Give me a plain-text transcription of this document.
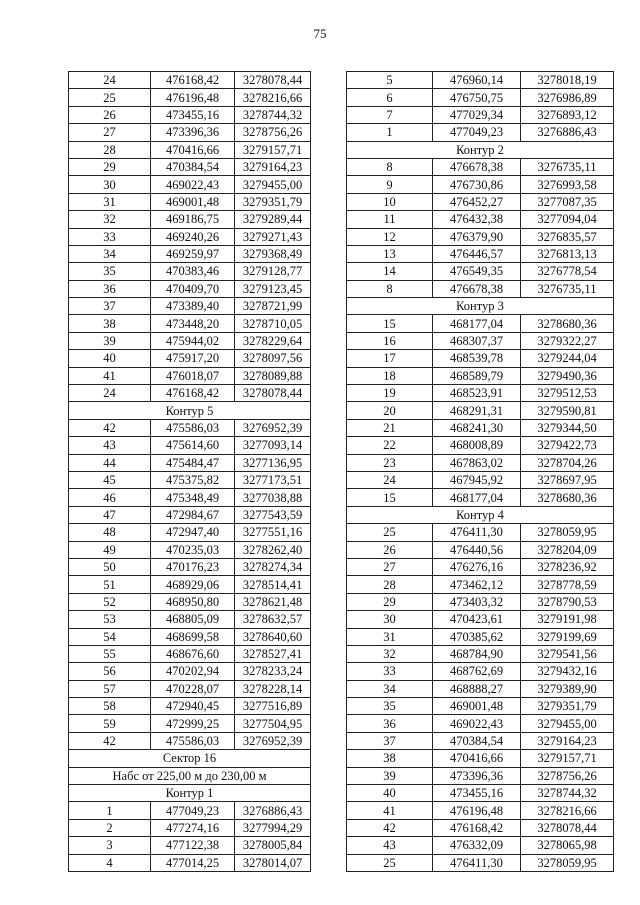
75
24	476168,42	3278078,44
25	476196,48	3278216,66
26	473455,16	3278744,32
27	473396,36	3278756,26
28	470416,66	3279157,71
29	470384,54	3279164,23
30	469022,43	3279455,00
31	469001,48	3279351,79
32	469186,75	3279289,44
33	469240,26	3279271,43
34	469259,97	3279368,49
35	470383,46	3279128,77
36	470409,70	3279123,45
37	473389,40	3278721,99
38	473448,20	3278710,05
39	475944,02	3278229,64
40	475917,20	3278097,56
41	476018,07	3278089,88
24	476168,42	3278078,44
Контур 5		
42	475586,03	3276952,39
43	475614,60	3277093,14
44	475484,47	3277136,95
45	475375,82	3277173,51
46	475348,49	3277038,88
47	472984,67	3277543,59
48	472947,40	3277551,16
49	470235,03	3278262,40
50	470176,23	3278274,34
51	468929,06	3278514,41
52	468950,80	3278621,48
53	468805,09	3278632,57
54	468699,58	3278640,60
55	468676,60	3278527,41
56	470202,94	3278233,24
57	470228,07	3278228,14
58	472940,45	3277516,89
59	472999,25	3277504,95
42	475586,03	3276952,39
Сектор 16		
Набс от 225,00 м до 230,00 м		
Контур 1		
1	477049,23	3276886,43
2	477274,16	3277994,29
3	477122,38	3278005,84
4	477014,25	3278014,07
5	476960,14	3278018,19
6	476750,75	3276986,89
7	477029,34	3276893,12
1	477049,23	3276886,43
Контур 2		
8	476678,38	3276735,11
9	476730,86	3276993,58
10	476452,27	3277087,35
11	476432,38	3277094,04
12	476379,90	3276835,57
13	476446,57	3276813,13
14	476549,35	3276778,54
8	476678,38	3276735,11
Контур 3		
15	468177,04	3278680,36
16	468307,37	3279322,27
17	468539,78	3279244,04
18	468589,79	3279490,36
19	468523,91	3279512,53
20	468291,31	3279590,81
21	468241,30	3279344,50
22	468008,89	3279422,73
23	467863,02	3278704,26
24	467945,92	3278697,95
15	468177,04	3278680,36
Контур 4		
25	476411,30	3278059,95
26	476440,56	3278204,09
27	476276,16	3278236,92
28	473462,12	3278778,59
29	473403,32	3278790,53
30	470423,61	3279191,98
31	470385,62	3279199,69
32	468784,90	3279541,56
33	468762,69	3279432,16
34	468888,27	3279389,90
35	469001,48	3279351,79
36	469022,43	3279455,00
37	470384,54	3279164,23
38	470416,66	3279157,71
39	473396,36	3278756,26
40	473455,16	3278744,32
41	476196,48	3278216,66
42	476168,42	3278078,44
43	476332,09	3278065,98
25	476411,30	3278059,95
